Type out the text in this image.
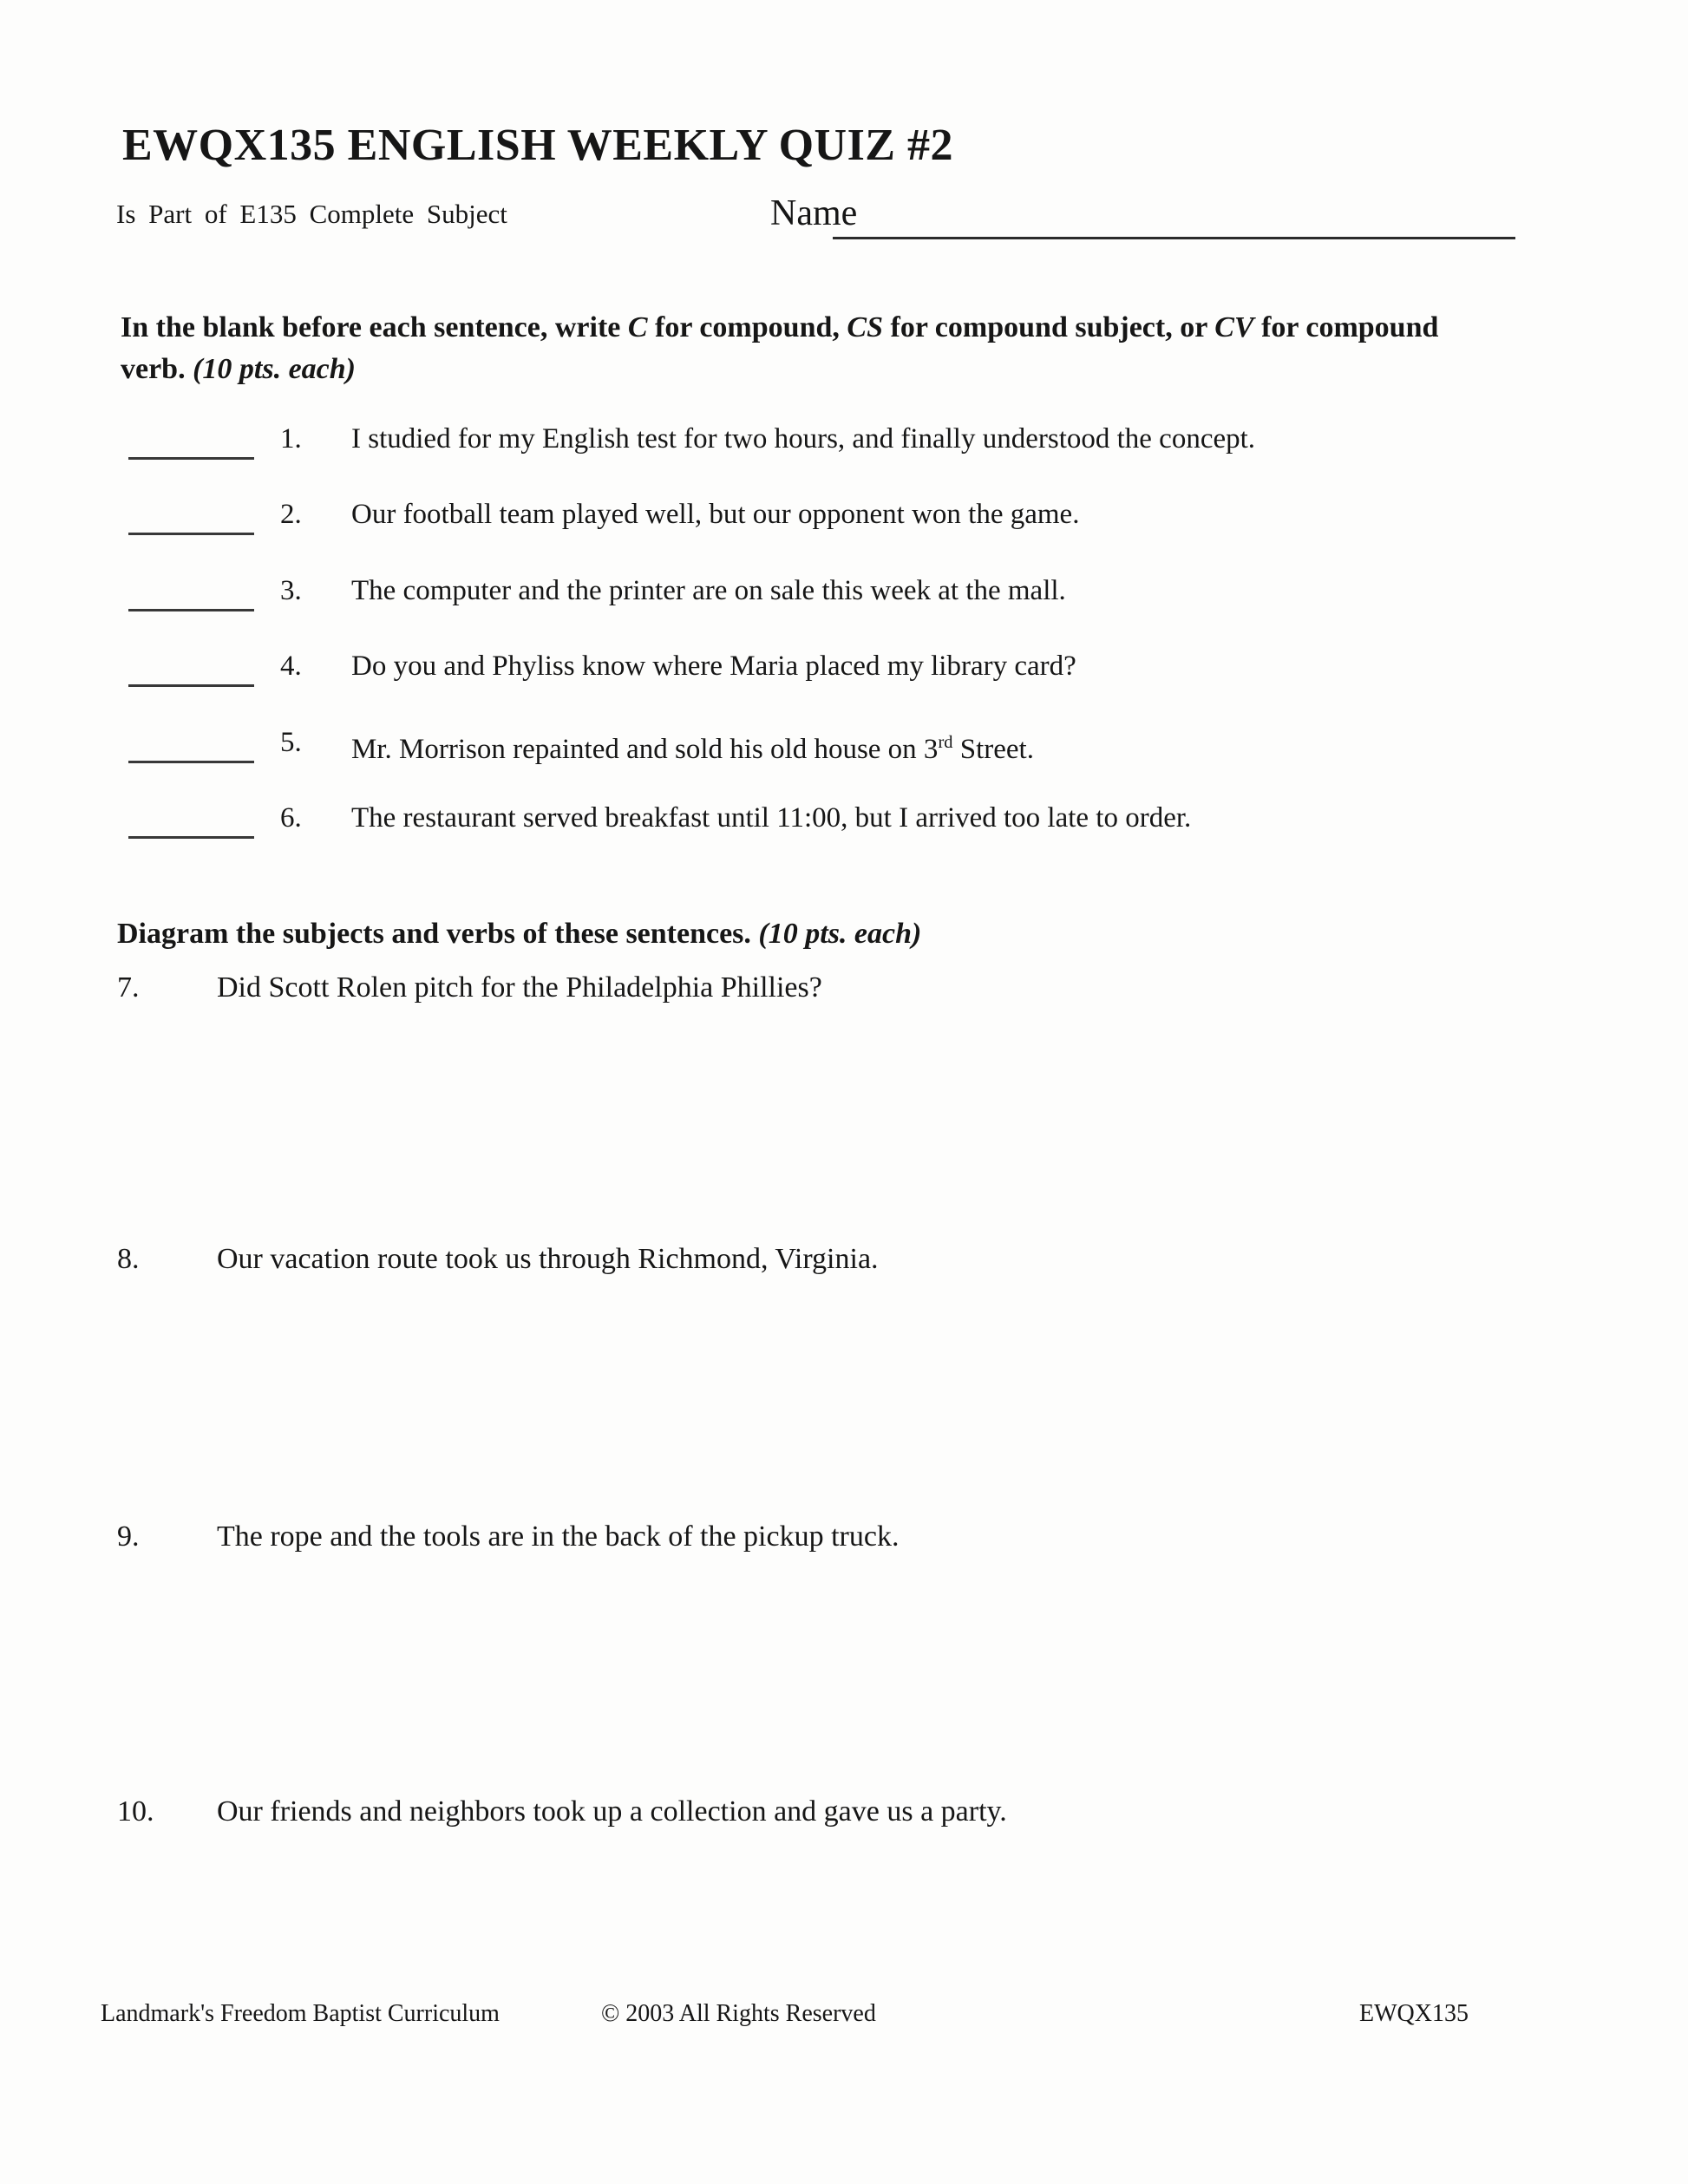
EWQX135 ENGLISH WEEKLY QUIZ #2
Is Part of E135 Complete Subject	Name
In the blank before each sentence, write C for compound, CS for compound subject, or CV for compound verb. (10 pts. each)
1.	I studied for my English test for two hours, and finally understood the concept.
2.	Our football team played well, but our opponent won the game.
3.	The computer and the printer are on sale this week at the mall.
4.	Do you and Phyliss know where Maria placed my library card?
5.	Mr. Morrison repainted and sold his old house on 3rd Street.
6.	The restaurant served breakfast until 11:00, but I arrived too late to order.
Diagram the subjects and verbs of these sentences. (10 pts. each)
7.	Did Scott Rolen pitch for the Philadelphia Phillies?
8.	Our vacation route took us through Richmond, Virginia.
9.	The rope and the tools are in the back of the pickup truck.
10.	Our friends and neighbors took up a collection and gave us a party.
Landmark's Freedom Baptist Curriculum	© 2003 All Rights Reserved	EWQX135
